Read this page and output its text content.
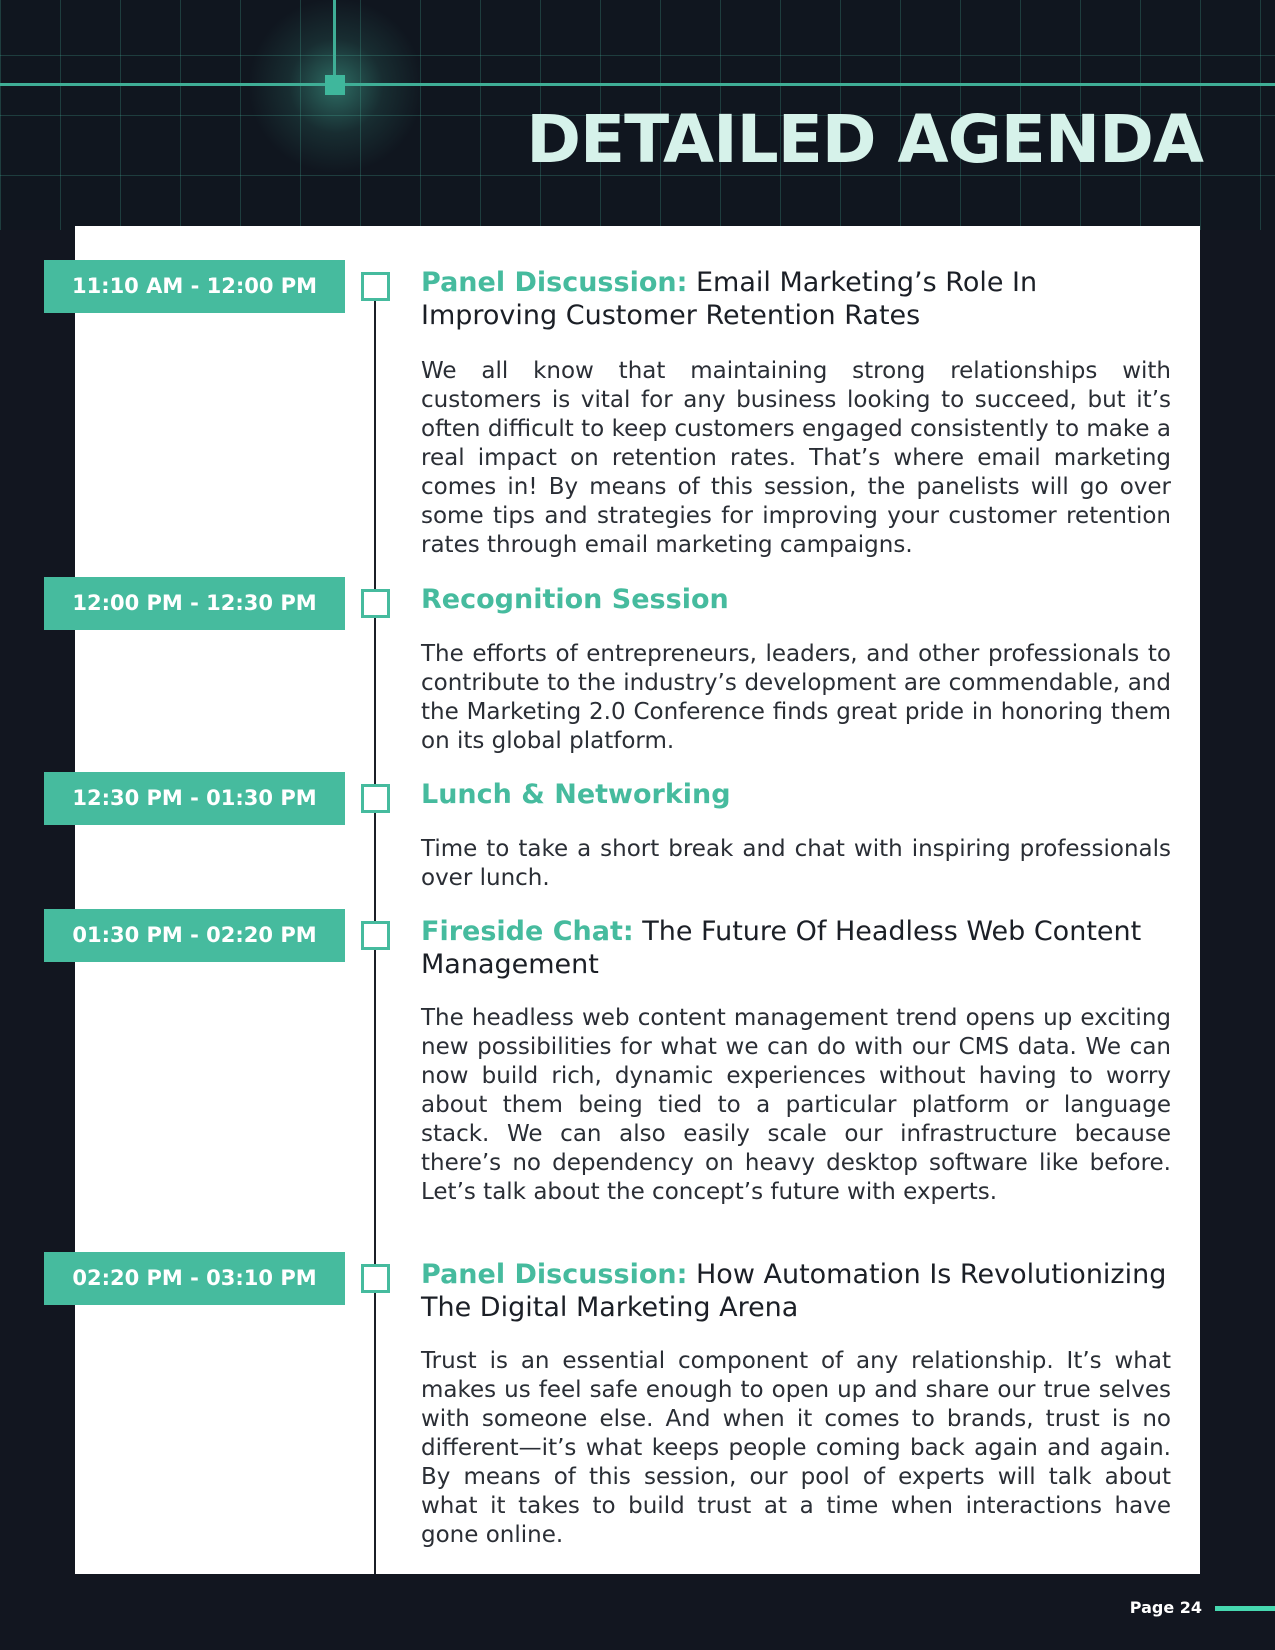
DETAILED AGENDA
11:10 AM - 12:00 PM	Panel Discussion: Email Marketing’s Role In Improving Customer Retention Rates

We all know that maintaining strong relationships with customers is vital for any business looking to succeed, but it’s often difficult to keep customers engaged consistently to make a real impact on retention rates. That’s where email marketing comes in! By means of this session, the panelists will go over some tips and strategies for improving your customer retention rates through email marketing campaigns.

12:00 PM - 12:30 PM	Recognition Session

The efforts of entrepreneurs, leaders, and other professionals to contribute to the industry’s development are commendable, and the Marketing 2.0 Conference finds great pride in honoring them on its global platform.

12:30 PM - 01:30 PM	Lunch & Networking

Time to take a short break and chat with inspiring professionals over lunch.

01:30 PM - 02:20 PM	Fireside Chat: The Future Of Headless Web Content Management

The headless web content management trend opens up exciting new possibilities for what we can do with our CMS data. We can now build rich, dynamic experiences without having to worry about them being tied to a particular platform or language stack. We can also easily scale our infrastructure because there’s no dependency on heavy desktop software like before. Let’s talk about the concept’s future with experts.

02:20 PM - 03:10 PM	Panel Discussion: How Automation Is Revolutionizing The Digital Marketing Arena

Trust is an essential component of any relationship. It’s what makes us feel safe enough to open up and share our true selves with someone else. And when it comes to brands, trust is no different—it’s what keeps people coming back again and again. By means of this session, our pool of experts will talk about what it takes to build trust at a time when interactions have gone online.

Page 24
